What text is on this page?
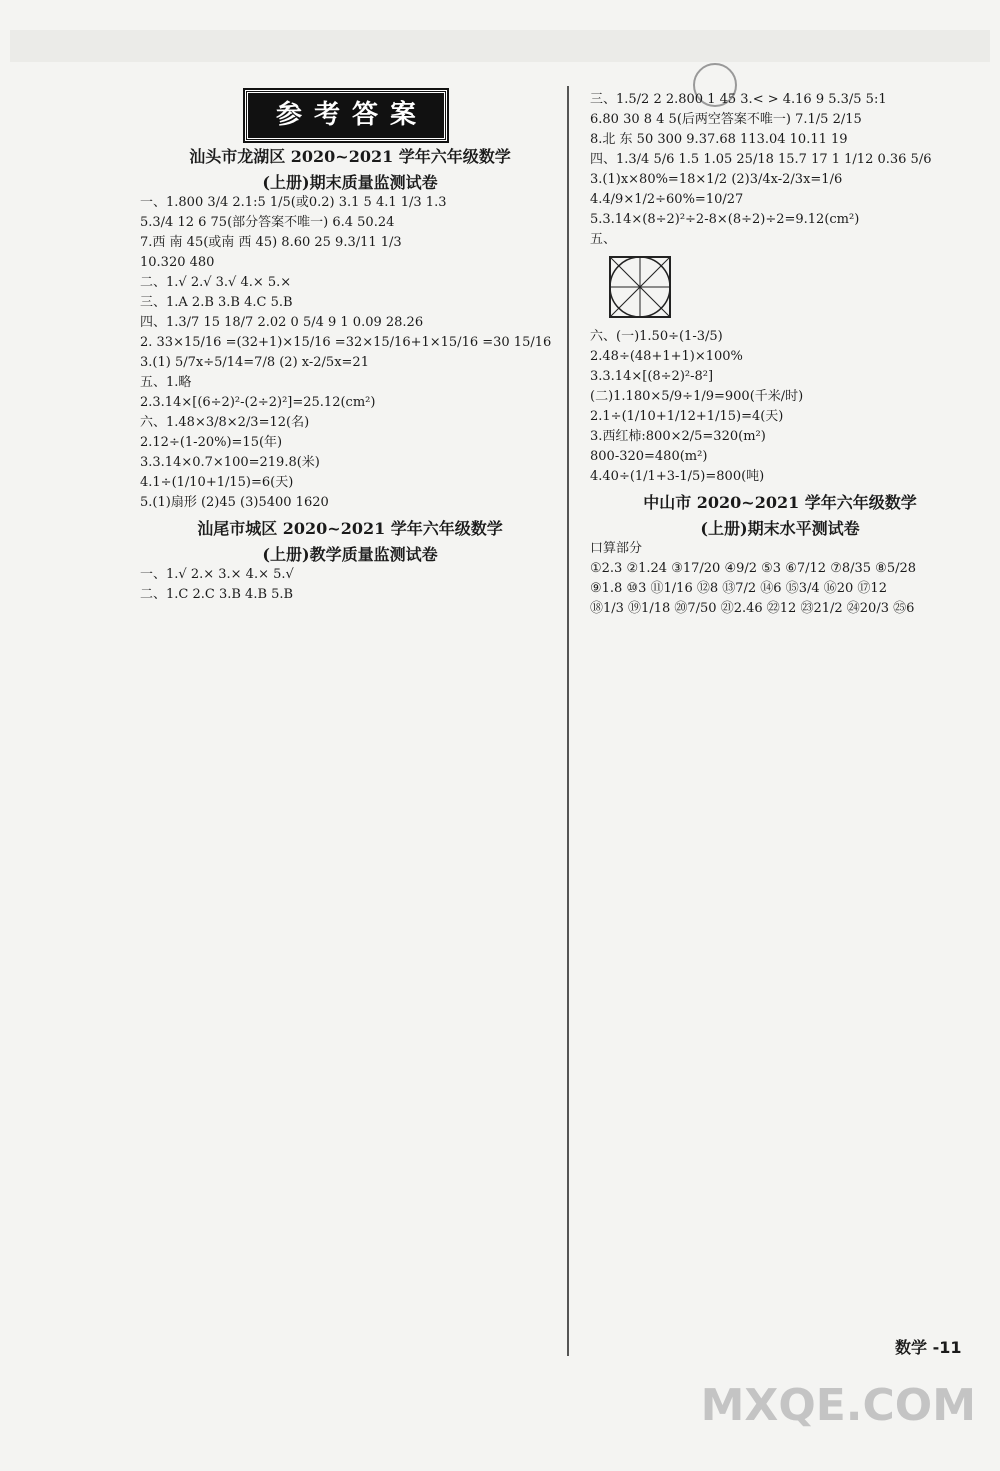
参考答案
汕头市龙湖区 2020~2021 学年六年级数学
(上册)期末质量监测试卷
一、1.800 3/4 2.1:5 1/5(或0.2) 3.1 5 4.1 1/3 1.3
5.3/4 12 6 75(部分答案不唯一) 6.4 50.24
7.西 南 45(或南 西 45) 8.60 25 9.3/11 1/3
10.320 480
二、1.√ 2.√ 3.√ 4.× 5.×
三、1.A 2.B 3.B 4.C 5.B
四、1.3/7 15 18/7 2.02 0 5/4 9 1 0.09 28.26
2. 33×15/16 =(32+1)×15/16 =32×15/16+1×15/16 =30 15/16
3.(1) 5/7x÷5/14=7/8 (2) x-2/5x=21
五、1.略
2.3.14×[(6÷2)²-(2÷2)²]=25.12(cm²)
六、1.48×3/8×2/3=12(名)
2.12÷(1-20%)=15(年)
3.3.14×0.7×100=219.8(米)
4.1÷(1/10+1/15)=6(天)
5.(1)扇形 (2)45 (3)5400 1620
汕尾市城区 2020~2021 学年六年级数学
(上册)教学质量监测试卷
一、1.√ 2.× 3.× 4.× 5.√
二、1.C 2.C 3.B 4.B 5.B
三、1.5/2 2 2.800 1 45 3.< > 4.16 9 5.3/5 5:1
6.80 30 8 4 5(后两空答案不唯一) 7.1/5 2/15
8.北 东 50 300 9.37.68 113.04 10.11 19
四、1.3/4 5/6 1.5 1.05 25/18 15.7 17 1 1/12 0.36 5/6
3.(1)x×80%=18×1/2 (2)3/4x-2/3x=1/6
4.4/9×1/2÷60%=10/27
5.3.14×(8÷2)²÷2-8×(8÷2)÷2=9.12(cm²)
五、
六、(一)1.50÷(1-3/5)
2.48÷(48+1+1)×100%
3.3.14×[(8÷2)²-8²]
(二)1.180×5/9÷1/9=900(千米/时)
2.1÷(1/10+1/12+1/15)=4(天)
3.西红柿:800×2/5=320(m²)
800-320=480(m²)
4.40÷(1/1+3-1/5)=800(吨)
中山市 2020~2021 学年六年级数学
(上册)期末水平测试卷
口算部分
①2.3 ②1.24 ③17/20 ④9/2 ⑤3 ⑥7/12 ⑦8/35 ⑧5/28
⑨1.8 ⑩3 ⑪1/16 ⑫8 ⑬7/2 ⑭6 ⑮3/4 ⑯20 ⑰12
⑱1/3 ⑲1/18 ⑳7/50 ㉑2.46 ㉒12 ㉓21/2 ㉔20/3 ㉕6
数学 -11
MXQE.COM
